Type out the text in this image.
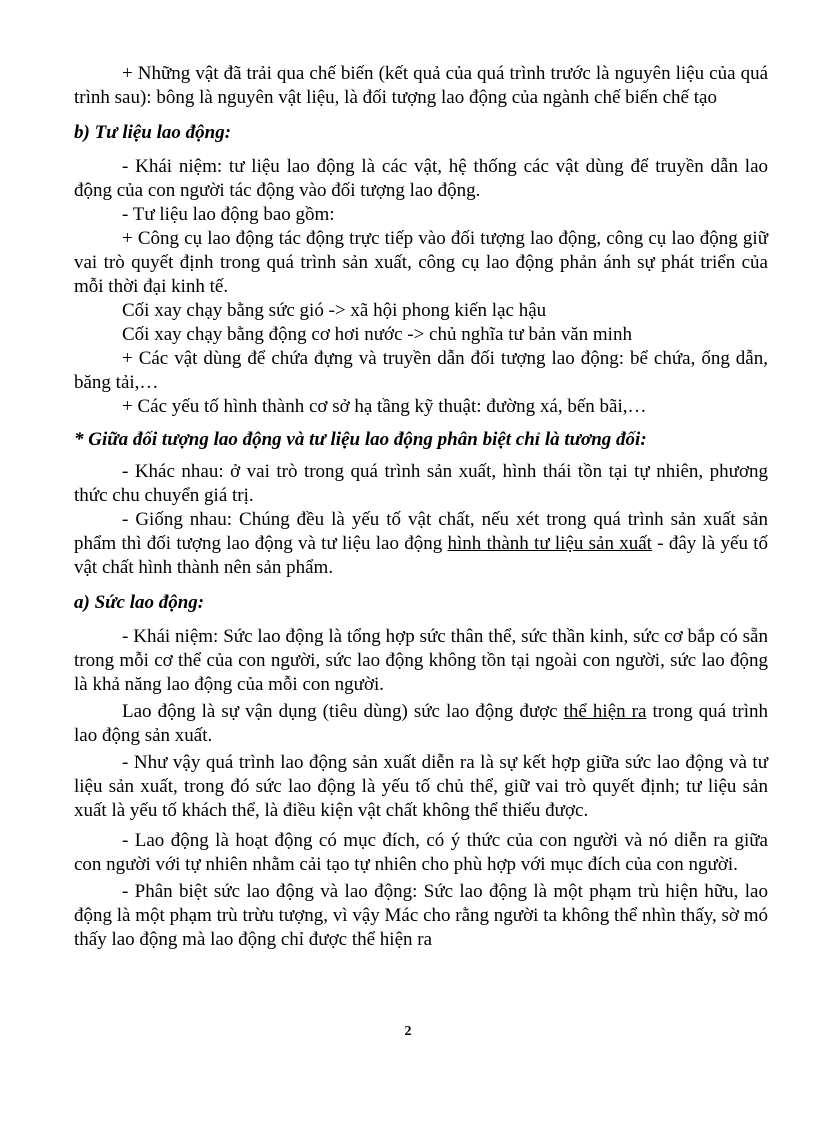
+ Những vật đã trải qua chế biến (kết quả của quá trình trước là nguyên liệu của quá trình sau): bông là nguyên vật liệu, là đối tượng lao động của ngành chế biến chế tạo

b) Tư liệu lao động:

- Khái niệm: tư liệu lao động là các vật, hệ thống các vật dùng để truyền dẫn lao động của con người tác động vào đối tượng lao động.

- Tư liệu lao động bao gồm:

+ Công cụ lao động tác động trực tiếp vào đối tượng lao động, công cụ lao động giữ vai trò quyết định trong quá trình sản xuất, công cụ lao động phản ánh sự phát triển của mỗi thời đại kinh tế.

Cối xay chạy bằng sức gió -> xã hội phong kiến lạc hậu

Cối xay chạy bằng động cơ hơi nước -> chủ nghĩa tư bản văn minh

+ Các vật dùng để chứa đựng và truyền dẫn đối tượng lao động: bể chứa, ống dẫn, băng tải,…

+ Các yếu tố hình thành cơ sở hạ tầng kỹ thuật: đường xá, bến bãi,…

* Giữa đối tượng lao động và tư liệu lao động phân biệt chỉ là tương đối:

- Khác nhau: ở vai trò trong quá trình sản xuất, hình thái tồn tại tự nhiên, phương thức chu chuyển giá trị.

- Giống nhau: Chúng đều là yếu tố vật chất, nếu xét trong quá trình sản xuất sản phẩm thì đối tượng lao động và tư liệu lao động hình thành tư liệu sản xuất - đây là yếu tố vật chất hình thành nên sản phẩm.

a) Sức lao động:

- Khái niệm: Sức lao động là tổng hợp sức thân thể, sức thần kinh, sức cơ bắp có sẵn trong mỗi cơ thể của con người, sức lao động không tồn tại ngoài con người, sức lao động là khả năng lao động của mỗi con người.

Lao động là sự vận dụng (tiêu dùng) sức lao động được thể hiện ra trong quá trình lao động sản xuất.

- Như vậy quá trình lao động sản xuất diễn ra là sự kết hợp giữa sức lao động và tư liệu sản xuất, trong đó sức lao động là yếu tố chủ thể, giữ vai trò quyết định; tư liệu sản xuất là yếu tố khách thể, là điều kiện vật chất không thể thiếu được.

- Lao động là hoạt động có mục đích, có ý thức của con người và nó diễn ra giữa con người với tự nhiên nhằm cải tạo tự nhiên cho phù hợp với mục đích của con người.

- Phân biệt sức lao động và lao động: Sức lao động là một phạm trù hiện hữu, lao động là một phạm trù trừu tượng, vì vậy Mác cho rằng người ta không thể nhìn thấy, sờ mó thấy lao động mà lao động chỉ được thể hiện ra

2
